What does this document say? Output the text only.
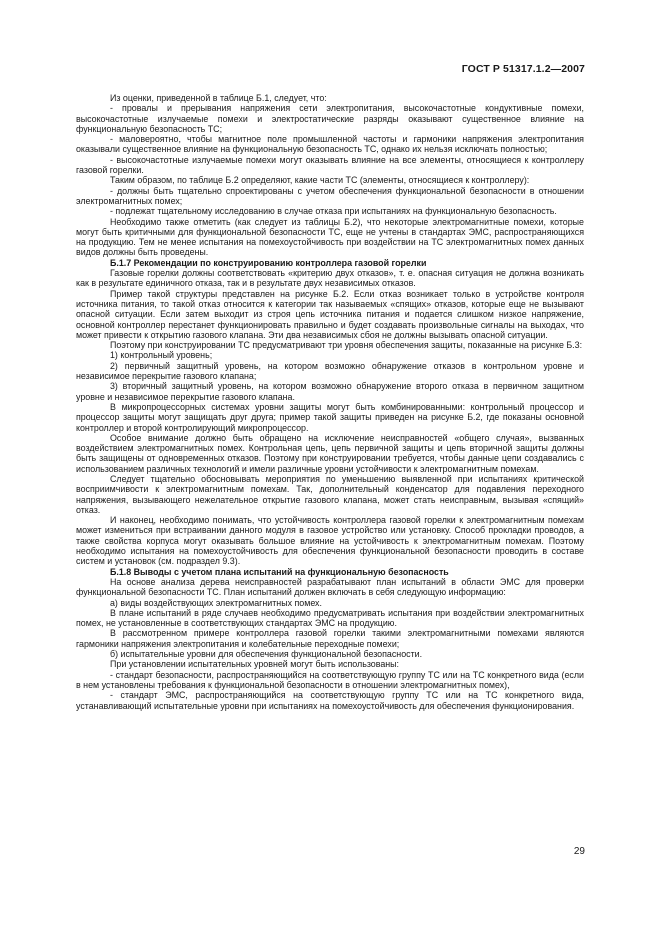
ГОСТ Р 51317.1.2—2007

Из оценки, приведенной в таблице Б.1, следует, что:

- провалы и прерывания напряжения сети электропитания, высокочастотные кондуктивные помехи, высокочастотные излучаемые помехи и электростатические разряды оказывают существенное влияние на функциональную безопасность ТС;

- маловероятно, чтобы магнитное поле промышленной частоты и гармоники напряжения электропитания оказывали существенное влияние на функциональную безопасность ТС, однако их нельзя исключать полностью;

- высокочастотные излучаемые помехи могут оказывать влияние на все элементы, относящиеся к контроллеру газовой горелки.

Таким образом, по таблице Б.2 определяют, какие части ТС (элементы, относящиеся к контроллеру):

- должны быть тщательно спроектированы с учетом обеспечения функциональной безопасности в отношении электромагнитных помех;

- подлежат тщательному исследованию в случае отказа при испытаниях на функциональную безопасность.

Необходимо также отметить (как следует из таблицы Б.2), что некоторые электромагнитные помехи, которые могут быть критичными для функциональной безопасности ТС, еще не учтены в стандартах ЭМС, распространяющихся на продукцию. Тем не менее испытания на помехоустойчивость при воздействии на ТС электромагнитных помех данных видов должны быть проведены.

Б.1.7 Рекомендации по конструированию контроллера газовой горелки

Газовые горелки должны соответствовать «критерию двух отказов», т. е. опасная ситуация не должна возникать как в результате единичного отказа, так и в результате двух независимых отказов.

Пример такой структуры представлен на рисунке Б.2. Если отказ возникает только в устройстве контроля источника питания, то такой отказ относится к категории так называемых «спящих» отказов, которые еще не вызывают опасной ситуации. Если затем выходит из строя цепь источника питания и подается слишком низкое напряжение, основной контроллер перестанет функционировать правильно и будет создавать произвольные сигналы на выходах, что может привести к открытию газового клапана. Эти два независимых сбоя не должны вызывать опасной ситуации.

Поэтому при конструировании ТС предусматривают три уровня обеспечения защиты, показанные на рисунке Б.3:

1) контрольный уровень;

2) первичный защитный уровень, на котором возможно обнаружение отказов в контрольном уровне и независимое перекрытие газового клапана;

3) вторичный защитный уровень, на котором возможно обнаружение второго отказа в первичном защитном уровне и независимое перекрытие газового клапана.

В микропроцессорных системах уровни защиты могут быть комбинированными: контрольный процессор и процессор защиты могут защищать друг друга; пример такой защиты приведен на рисунке Б.2, где показаны основной контроллер и второй контролирующий микропроцессор.

Особое внимание должно быть обращено на исключение неисправностей «общего случая», вызванных воздействием электромагнитных помех. Контрольная цепь, цепь первичной защиты и цепь вторичной защиты должны быть защищены от одновременных отказов. Поэтому при конструировании требуется, чтобы данные цепи создавались с использованием различных технологий и имели различные уровни устойчивости к электромагнитным помехам.

Следует тщательно обосновывать мероприятия по уменьшению выявленной при испытаниях критической восприимчивости к электромагнитным помехам. Так, дополнительный конденсатор для подавления переходного напряжения, вызывающего нежелательное открытие газового клапана, может стать неисправным, вызывая «спящий» отказ.

И наконец, необходимо понимать, что устойчивость контроллера газовой горелки к электромагнитным помехам может измениться при встраивании данного модуля в газовое устройство или установку. Способ прокладки проводов, а также свойства корпуса могут оказывать большое влияние на устойчивость к электромагнитным помехам. Поэтому необходимо испытания на помехоустойчивость для обеспечения функциональной безопасности проводить в составе систем и установок (см. подраздел 9.3).

Б.1.8 Выводы с учетом плана испытаний на функциональную безопасность

На основе анализа дерева неисправностей разрабатывают план испытаний в области ЭМС для проверки функциональной безопасности ТС. План испытаний должен включать в себя следующую информацию:

а) виды воздействующих электромагнитных помех.

В плане испытаний в ряде случаев необходимо предусматривать испытания при воздействии электромагнитных помех, не установленные в соответствующих стандартах ЭМС на продукцию.

В рассмотренном примере контроллера газовой горелки такими электромагнитными помехами являются гармоники напряжения электропитания и колебательные переходные помехи;

б) испытательные уровни для обеспечения функциональной безопасности.

При установлении испытательных уровней могут быть использованы:

- стандарт безопасности, распространяющийся на соответствующую группу ТС или на ТС конкретного вида (если в нем установлены требования к функциональной безопасности в отношении электромагнитных помех),

- стандарт ЭМС, распространяющийся на соответствующую группу ТС или на ТС конкретного вида, устанавливающий испытательные уровни при испытаниях на помехоустойчивость для обеспечения функционирования.

29
